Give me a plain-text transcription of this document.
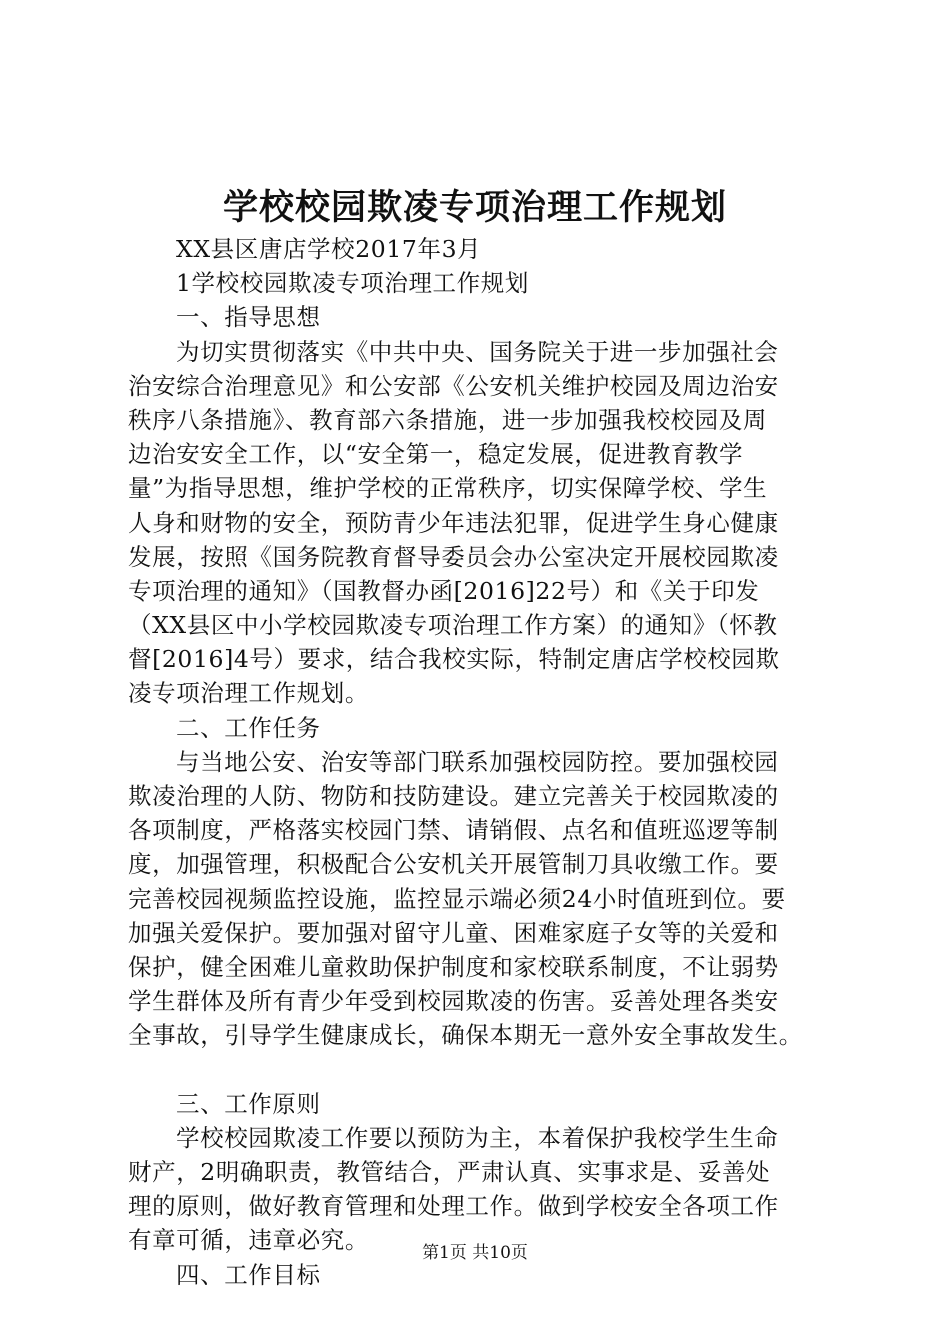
学校校园欺凌专项治理工作规划
XX县区唐店学校2017年3月
1学校校园欺凌专项治理工作规划
一、指导思想
为切实贯彻落实《中共中央、国务院关于进一步加强社会
治安综合治理意见》和公安部《公安机关维护校园及周边治安
秩序八条措施》、教育部六条措施，进一步加强我校校园及周
边治安安全工作，以“安全第一，稳定发展，促进教育教学
量”为指导思想，维护学校的正常秩序，切实保障学校、学生
人身和财物的安全，预防青少年违法犯罪，促进学生身心健康
发展，按照《国务院教育督导委员会办公室决定开展校园欺凌
专项治理的通知》（国教督办函[2016]22号）和《关于印发
（XX县区中小学校园欺凌专项治理工作方案）的通知》（怀教
督[2016]4号）要求，结合我校实际，特制定唐店学校校园欺
凌专项治理工作规划。
二、工作任务
与当地公安、治安等部门联系加强校园防控。要加强校园
欺凌治理的人防、物防和技防建设。建立完善关于校园欺凌的
各项制度，严格落实校园门禁、请销假、点名和值班巡逻等制
度，加强管理，积极配合公安机关开展管制刀具收缴工作。要
完善校园视频监控设施，监控显示端必须24小时值班到位。要
加强关爱保护。要加强对留守儿童、困难家庭子女等的关爱和
保护，健全困难儿童救助保护制度和家校联系制度，不让弱势
学生群体及所有青少年受到校园欺凌的伤害。妥善处理各类安
全事故，引导学生健康成长，确保本期无一意外安全事故发生。
三、工作原则
学校校园欺凌工作要以预防为主，本着保护我校学生生命
财产，2明确职责，教管结合，严肃认真、实事求是、妥善处
理的原则，做好教育管理和处理工作。做到学校安全各项工作
有章可循，违章必究。
四、工作目标
第1页 共10页
